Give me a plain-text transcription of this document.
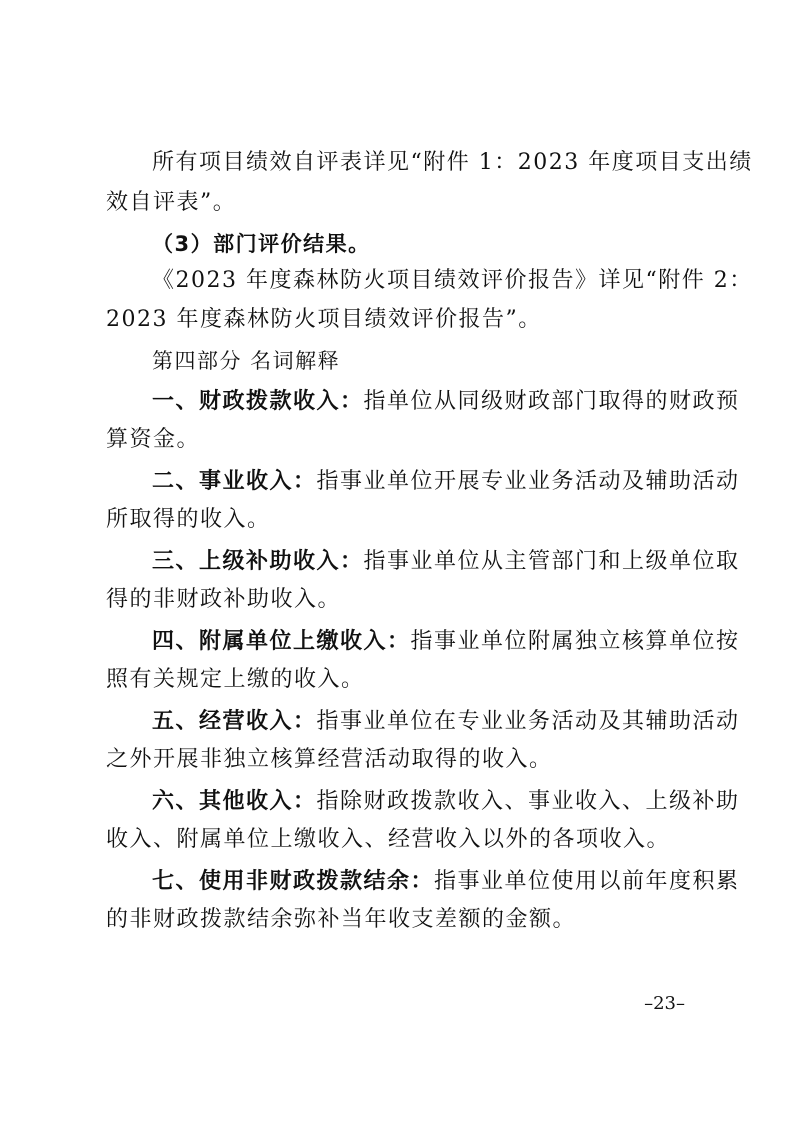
所有项目绩效自评表详见“附件 1：2023 年度项目支出绩
效自评表”。
（3）部门评价结果。
《2023 年度森林防火项目绩效评价报告》详见“附件 2：
2023 年度森林防火项目绩效评价报告”。
第四部分 名词解释
一、财政拨款收入：指单位从同级财政部门取得的财政预
算资金。
二、事业收入：指事业单位开展专业业务活动及辅助活动
所取得的收入。
三、上级补助收入：指事业单位从主管部门和上级单位取
得的非财政补助收入。
四、附属单位上缴收入：指事业单位附属独立核算单位按
照有关规定上缴的收入。
五、经营收入：指事业单位在专业业务活动及其辅助活动
之外开展非独立核算经营活动取得的收入。
六、其他收入：指除财政拨款收入、事业收入、上级补助
收入、附属单位上缴收入、经营收入以外的各项收入。
七、使用非财政拨款结余：指事业单位使用以前年度积累
的非财政拨款结余弥补当年收支差额的金额。
–23–
